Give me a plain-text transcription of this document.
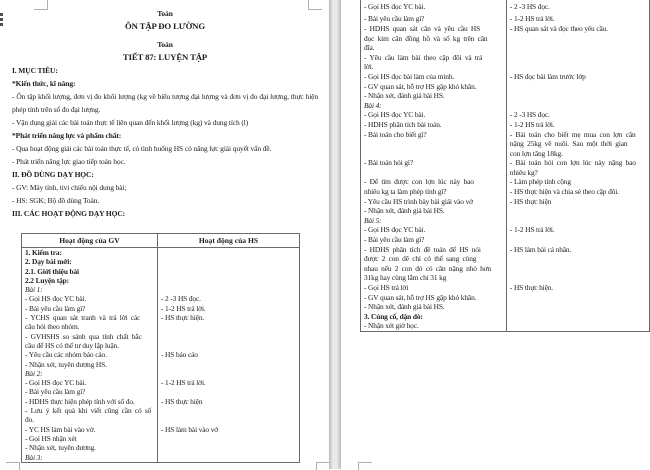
Toán
ÔN TẬP ĐO LƯỜNG
Toán
TIẾT 87: LUYỆN TẬP
I. MỤC TIÊU:
*Kiến thức, kĩ năng:
- Ôn tập khối lượng, đơn vị đo khối lượng (kg về biểu tượng đại lượng và đơn vị đo đại lượng, thực hiện phép tính trên số đo đại lượng.
- Vận dụng giải các bài toán thực tế liên quan đến khối lượng (kg) và dung tích (l)
*Phát triển năng lực và phẩm chất:
- Qua hoạt động giải các bài toán thực tế, có tình huống HS có năng lực giải quyết vấn đề.
- Phát triển năng lực giao tiếp toán học.
II. ĐỒ DÙNG DẠY HỌC:
- GV: Máy tính, tivi chiếu nội dung bài;
- HS: SGK; Bộ đồ dùng Toán.
III. CÁC HOẠT ĐỘNG DẠY HỌC:
Hoạt động của GV	Hoạt động của HS
1. Kiểm tra:	
2. Dạy bài mới:	
2.1. Giới thiệu bài	
2.2 Luyện tập:	
Bài 1:	
- Gọi HS đọc YC bài.	- 2 -3 HS đọc.
- Bài yêu cầu làm gì?	- 1-2 HS trả lời.
- YCHS quan sát tranh và trả lời các	- HS thực hiện.
câu hỏi theo nhóm.	
- GVHSHS so sánh qua tính chất bắc	
cầu để HS có thể tư duy lập luận.	
- Yêu cầu các nhóm báo cáo.	- HS báo cáo
- Nhận xét, tuyên dương HS.	
Bài 2:	
- Gọi HS đọc YC bài.	- 1-2 HS trả lời.
- Bài yêu cầu làm gì?	
- HDHS thực hiện phép tính với số đo.	- HS thực hiện
- Lưu ý kết quả khi viết cũng cần có số	
đo.	
- YC HS làm bài vào vở.	- HS làm bài vào vở
- Gọi HS nhận xét	
- Nhận xét, tuyên dương.	
Bài 3:	
- Gọi HS đọc YC bài.	- 2 -3 HS đọc.
- Bài yêu cầu làm gì?	- 1-2 HS trả lời.
- HDHS quan sát cân và yêu cầu HS	- HS quan sát và đọc theo yêu cầu.
đọc kim cân đồng hồ và số kg trên cân	
đĩa.	
- Yêu cầu làm bài theo cặp đôi và trả	
lời.	
- Gọi HS đọc bài làm của mình.	- HS đọc bài làm trước lớp
- GV quan sát, hỗ trợ HS gặp khó khăn.	
- Nhận xét, đánh giá bài HS.	
Bài 4:	
- Gọi HS đọc YC bài.	- 2 -3 HS đọc.
- HDHS phân tích bài toán.	- 1-2 HS trả lời.
- Bài toán cho biết gì?	- Bài toán cho biết mẹ mua con lợn cân
	nặng 25kg về nuôi. Sau một thời gian
	con lợn tăng 18kg.
- Bài toán hỏi gì?	- Bài toán hỏi con lợn lúc này nặng bao
	nhiêu kg?
- Để tìm được con lợn lúc này bao	- Làm phép tính cộng
nhiêu kg ta làm phép tính gì?	- HS thực hiện và chia sẻ theo cặp đôi.
- Yêu cầu HS trình bày bài giải vào vở	- HS thực hiện
- Nhận xét, đánh giá bài HS.	
Bài 5:	
- Gọi HS đọc YC bài.	- 1-2 HS trả lời.
- Bài yêu cầu làm gì?	
- HDHS phân tích đề toán để HS nói	- HS làm bài cá nhân.
được 2 con dê chỉ có thể sang cùng	
nhau nếu 2 con đó có cân nặng nhỏ hơn	
31kg hay cùng lắm chỉ 31 kg	
- Gọi HS trả lời	- HS thực hiện.
- GV quan sát, hỗ trợ HS gặp khó khăn.	
- Nhận xét, đánh giá bài HS.	
3. Củng cố, dặn dò:	
- Nhận xét giờ học.	
